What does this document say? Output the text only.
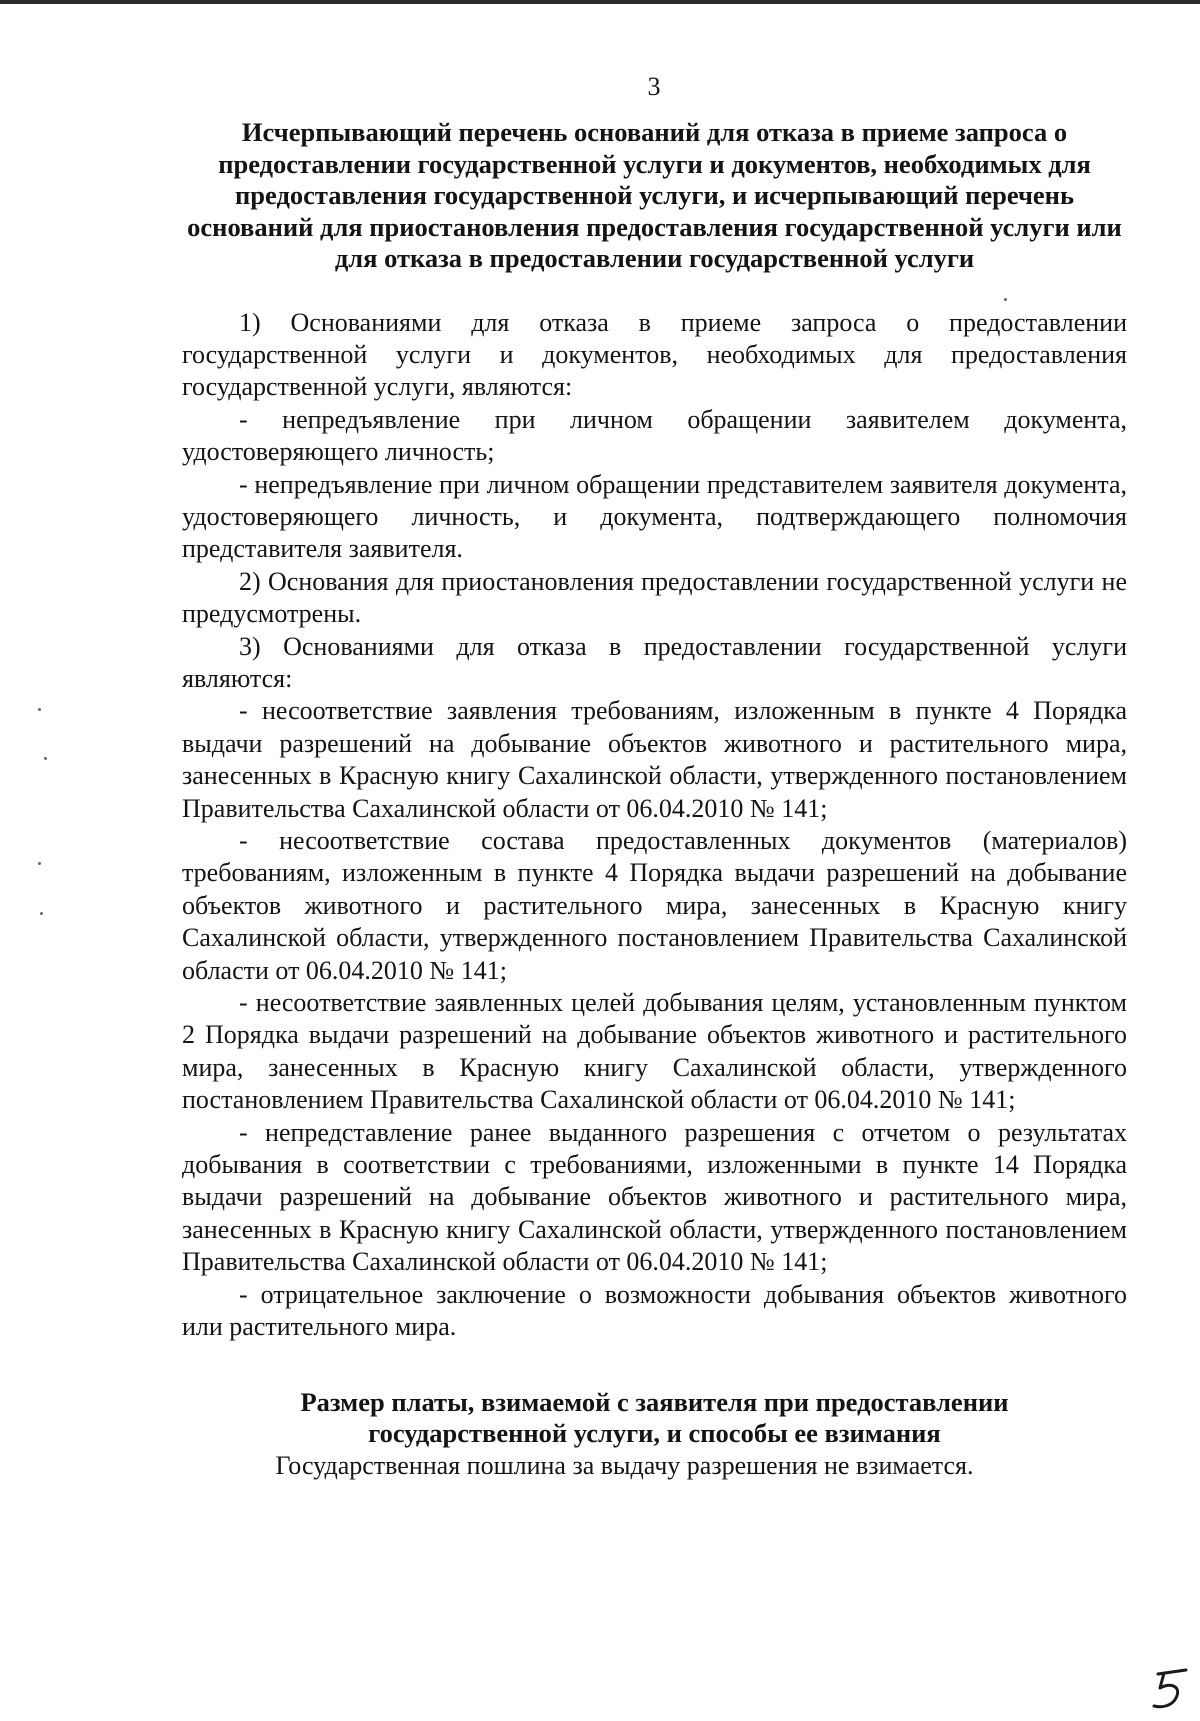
3
Исчерпывающий перечень оснований для отказа в приеме запроса о предоставлении государственной услуги и документов, необходимых для предоставления государственной услуги, и исчерпывающий перечень оснований для приостановления предоставления государственной услуги или для отказа в предоставлении государственной услуги

1) Основаниями для отказа в приеме запроса о предоставлении государственной услуги и документов, необходимых для предоставления государственной услуги, являются:

- непредъявление при личном обращении заявителем документа, удостоверяющего личность;

- непредъявление при личном обращении представителем заявителя документа, удостоверяющего личность, и документа, подтверждающего полномочия представителя заявителя.

2) Основания для приостановления предоставлении государственной услуги не предусмотрены.

3) Основаниями для отказа в предоставлении государственной услуги являются:

- несоответствие заявления требованиям, изложенным в пункте 4 Порядка выдачи разрешений на добывание объектов животного и растительного мира, занесенных в Красную книгу Сахалинской области, утвержденного постановлением Правительства Сахалинской области от 06.04.2010 № 141;

- несоответствие состава предоставленных документов (материалов) требованиям, изложенным в пункте 4 Порядка выдачи разрешений на добывание объектов животного и растительного мира, занесенных в Красную книгу Сахалинской области, утвержденного постановлением Правительства Сахалинской области от 06.04.2010 № 141;

- несоответствие заявленных целей добывания целям, установленным пунктом 2 Порядка выдачи разрешений на добывание объектов животного и растительного мира, занесенных в Красную книгу Сахалинской области, утвержденного постановлением Правительства Сахалинской области от 06.04.2010 № 141;

- непредставление ранее выданного разрешения с отчетом о результатах добывания в соответствии с требованиями, изложенными в пункте 14 Порядка выдачи разрешений на добывание объектов животного и растительного мира, занесенных в Красную книгу Сахалинской области, утвержденного постановлением Правительства Сахалинской области от 06.04.2010 № 141;

- отрицательное заключение о возможности добывания объектов животного или растительного мира.

Размер платы, взимаемой с заявителя при предоставлении государственной услуги, и способы ее взимания

Государственная пошлина за выдачу разрешения не взимается.
